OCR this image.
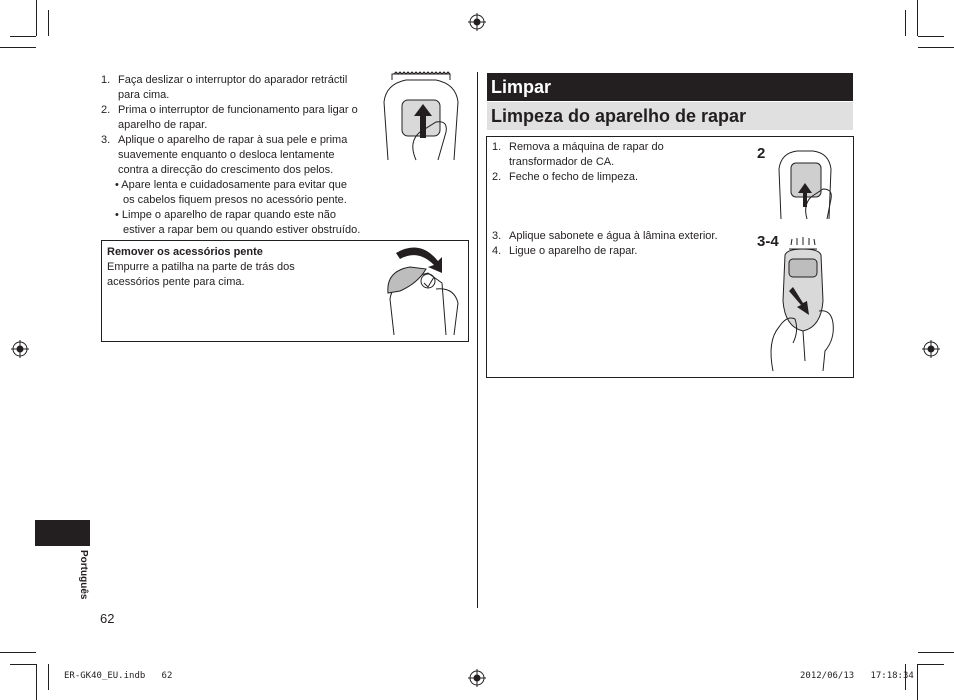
1. Faça deslizar o interruptor do aparador retráctil
para cima.
2. Prima o interruptor de funcionamento para ligar o
aparelho de rapar.
3. Aplique o aparelho de rapar à sua pele e prima
suavemente enquanto o desloca lentamente
contra a direcção do crescimento dos pelos.
• Apare lenta e cuidadosamente para evitar que
os cabelos fiquem presos no acessório pente.
• Limpe o aparelho de rapar quando este não
estiver a rapar bem ou quando estiver obstruído.
Remover os acessórios pente
Empurre a patilha na parte de trás dos
acessórios pente para cima.
Limpar
Limpeza do aparelho de rapar
1. Remova a máquina de rapar do
transformador de CA.
2. Feche o fecho de limpeza.
3. Aplique sabonete e água à lâmina exterior.
4. Ligue o aparelho de rapar.
2
3-4
Português
62
ER-GK40_EU.indb   62	2012/06/13   17:18:34
